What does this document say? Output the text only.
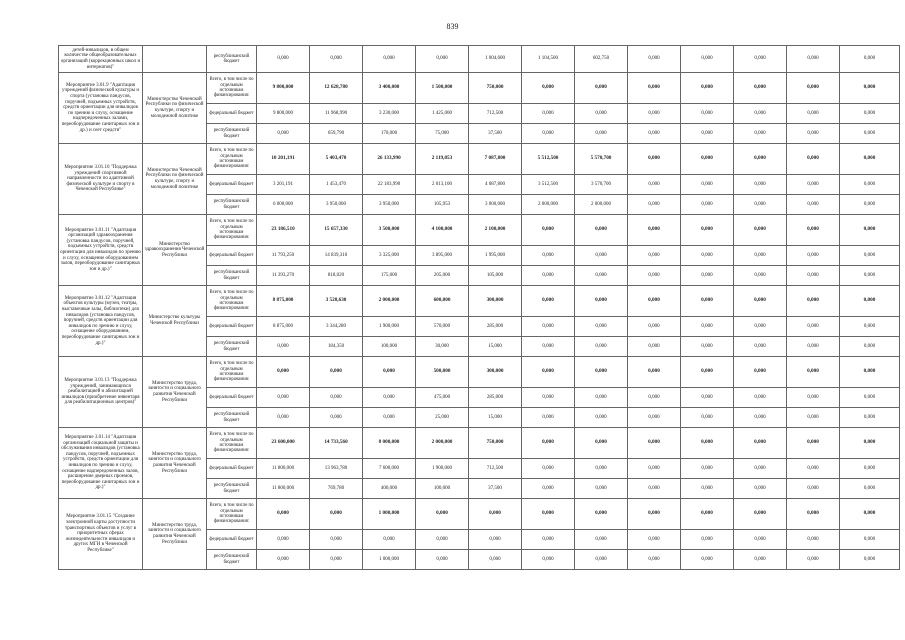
839
детей-инвалидов, в общем количестве общеобразовательных организаций (коррекционных школ и интернатов)"		республиканский бюджет	0,000	0,000	0,000	0,000	1 004,600	1 104,500	602,750	0,000	0,000	0,000	0,000	0,000
Мероприятие 3.01.9 "Адаптация учреждений физической культуры и спорта (установка пандусов, поручней, подъемных устройств, средств ориентации для инвалидов по зрению и слуху, оснащение надпередоченных залами, переоборудование санитарных зон и др.) и сеет средств"	Министерство Чеченской Республики по физической культуре, спорту и молодежной политике	Всего, в том числе по отдельным источникам финансирования:	9 800,000	12 628,780	3 400,000	1 500,000	750,000	0,000	0,000	0,000	0,000	0,000	0,000	0,000
		федеральный бюджет	9 800,000	11 968,990	3 230,000	1 425,000	712,500	0,000	0,000	0,000	0,000	0,000	0,000	0,000
		республиканский бюджет	0,000	659,790	170,000	75,000	37,500	0,000	0,000	0,000	0,000	0,000	0,000	0,000
Мероприятие 3.01.10 "Поддержка учреждений спортивной направленности по адаптивной физической культуре и спорту в Чеченской Республике"	Министерство Чеченской Республики по физической культуре, спорту и молодежной политике	Всего, в том числе по отдельным источникам финансирования:	10 201,191	5 403,470	26 133,990	2 119,053	7 087,800	5 512,500	5 570,700	0,000	0,000	0,000	0,000	0,000
		федеральный бюджет	3 201,191	1 453,470	22 183,990	2 013,100	4 087,800	3 512,500	3 570,700	0,000	0,000	0,000	0,000	0,000
		республиканский бюджет	6 000,000	3 950,000	3 950,000	105,953	3 000,000	2 000,000	2 000,000	0,000	0,000	0,000	0,000	0,000
Мероприятие 3.01.11 "Адаптация организаций здравоохранения (установка пандусов, поручней, подъемных устройств, средств ориентации для инвалидов по зрению и слуху, оснащение оборудованием залов, переоборудование санитарных зон и др.)"	Министерство здравоохранения Чеченской Республики	Всего, в том числе по отдельным источникам финансирования:	23 186,510	15 657,330	3 500,000	4 100,000	2 100,000	0,000	0,000	0,000	0,000	0,000	0,000	0,000
		федеральный бюджет	11 793,250	14 839,310	3 325,000	3 895,000	1 995,000	0,000	0,000	0,000	0,000	0,000	0,000	0,000
		республиканский бюджет	11 393,270	818,020	175,000	205,000	105,000	0,000	0,000	0,000	0,000	0,000	0,000	0,000
Мероприятие 3.01.12 "Адаптация объектов культуры (музеи, театры, выставочные залы, библиотеки) для инвалидов (установка пандусов, поручней, средств ориентации для инвалидов по зрению и слуху, оснащение оборудованием, переоборудование санитарных зон и др.)"	Министерство культуры Чеченской Республики	Всего, в том числе по отдельным источникам финансирования:	8 875,000	3 528,630	2 000,000	600,000	300,000	0,000	0,000	0,000	0,000	0,000	0,000	0,000
		федеральный бюджет	8 875,000	3 344,280	1 900,000	570,000	285,000	0,000	0,000	0,000	0,000	0,000	0,000	0,000
		республиканский бюджет	0,000	184,350	100,000	30,000	15,000	0,000	0,000	0,000	0,000	0,000	0,000	0,000
Мероприятие 3.01.13 "Поддержка учреждений, занимающихся реабилитацией и абилитацией инвалидов (приобретение инвентаря для реабилитационных центров)"	Министерство труда, занятости и социального развития Чеченской Республики	Всего, в том числе по отдельным источникам финансирования:	0,000	0,000	0,000	500,000	300,000	0,000	0,000	0,000	0,000	0,000	0,000	0,000
		федеральный бюджет	0,000	0,000	0,000	475,000	285,000	0,000	0,000	0,000	0,000	0,000	0,000	0,000
		республиканский бюджет	0,000	0,000	0,000	25,000	15,000	0,000	0,000	0,000	0,000	0,000	0,000	0,000
Мероприятие 3.01.14 "Адаптация организаций социальной защиты и обслуживания инвалидов (установка пандусов, поручней, подъемных устройств, средств ориентации для инвалидов по зрению и слуху, оснащение надпередоченных залов, расширение дверных проемов, переоборудование санитарных зон и др.)"	Министерство труда, занятости и социального развития Чеченской Республики	Всего, в том числе по отдельным источникам финансирования:	23 600,000	14 733,560	8 000,000	2 000,000	750,000	0,000	0,000	0,000	0,000	0,000	0,000	0,000
		федеральный бюджет	11 800,000	13 963,780	7 600,000	1 900,000	712,500	0,000	0,000	0,000	0,000	0,000	0,000	0,000
		республиканский бюджет	11 800,000	769,780	400,000	100,000	37,500	0,000	0,000	0,000	0,000	0,000	0,000	0,000
Мероприятие 3.01.15 "Создание электронной карты доступности транспортных объектов и услуг в приоритетных сферах жизнедеятельности инвалидов и других МГН в Чеченской Республике"	Министерство труда, занятости и социального развития Чеченской Республики	Всего, в том числе по отдельным источникам финансирования:	0,000	0,000	1 000,000	0,000	0,000	0,000	0,000	0,000	0,000	0,000	0,000	0,000
		федеральный бюджет	0,000	0,000	0,000	0,000	0,000	0,000	0,000	0,000	0,000	0,000	0,000	0,000
		республиканский бюджет	0,000	0,000	1 000,000	0,000	0,000	0,000	0,000	0,000	0,000	0,000	0,000	0,000
